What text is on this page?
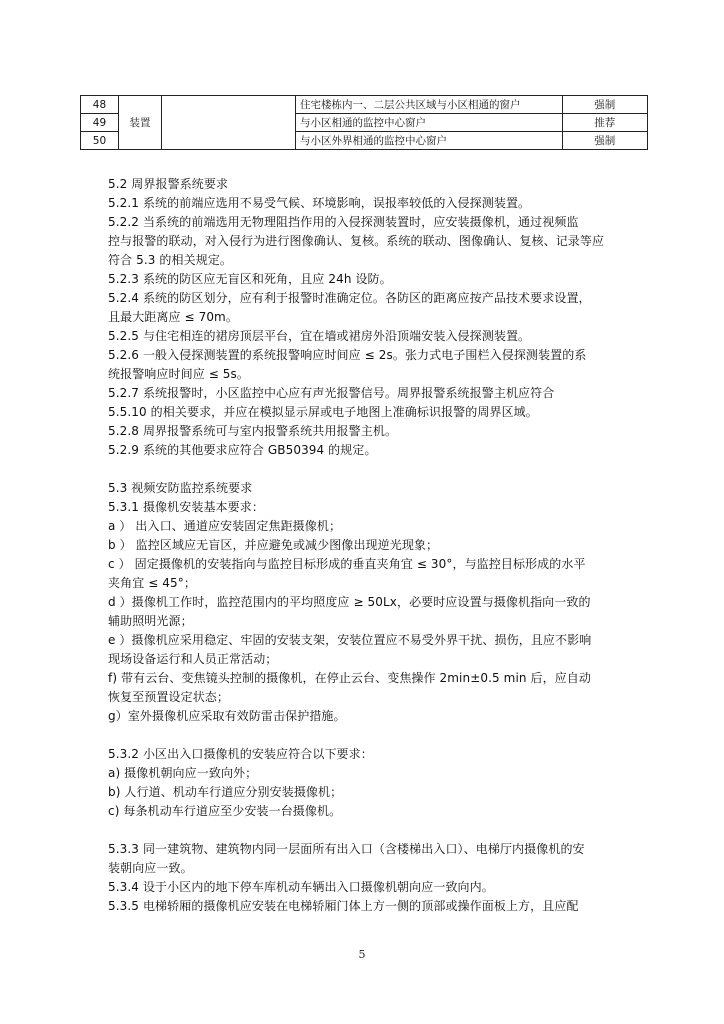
48	装置		住宅楼栋内一、二层公共区域与小区相通的窗户	强制
49			与小区相通的监控中心窗户	推荐
50			与小区外界相通的监控中心窗户	强制

5.2 周界报警系统要求

5.2.1 系统的前端应选用不易受气候、环境影响，误报率较低的入侵探测装置。

5.2.2 当系统的前端选用无物理阻挡作用的入侵探测装置时，应安装摄像机，通过视频监

控与报警的联动，对入侵行为进行图像确认、复核。系统的联动、图像确认、复核、记录等应

符合 5.3 的相关规定。

5.2.3 系统的防区应无盲区和死角，且应 24h 设防。

5.2.4 系统的防区划分，应有利于报警时准确定位。各防区的距离应按产品技术要求设置，

且最大距离应 ≤ 70m。

5.2.5 与住宅相连的裙房顶层平台，宜在墙或裙房外沿顶端安装入侵探测装置。

5.2.6 一般入侵探测装置的系统报警响应时间应 ≤ 2s。张力式电子围栏入侵探测装置的系

统报警响应时间应 ≤ 5s。

5.2.7 系统报警时，小区监控中心应有声光报警信号。周界报警系统报警主机应符合

5.5.10 的相关要求，并应在模拟显示屏或电子地图上准确标识报警的周界区域。

5.2.8 周界报警系统可与室内报警系统共用报警主机。

5.2.9 系统的其他要求应符合 GB50394 的规定。

5.3 视频安防监控系统要求

5.3.1 摄像机安装基本要求：

a ） 出入口、通道应安装固定焦距摄像机；

b ） 监控区域应无盲区，并应避免或减少图像出现逆光现象；

c ） 固定摄像机的安装指向与监控目标形成的垂直夹角宜 ≤ 30°，与监控目标形成的水平

夹角宜 ≤ 45°；

d ）摄像机工作时，监控范围内的平均照度应 ≥ 50Lx，必要时应设置与摄像机指向一致的

辅助照明光源；

e ）摄像机应采用稳定、牢固的安装支架，安装位置应不易受外界干扰、损伤，且应不影响

现场设备运行和人员正常活动；

f) 带有云台、变焦镜头控制的摄像机，在停止云台、变焦操作 2min±0.5 min 后，应自动

恢复至预置设定状态；

g）室外摄像机应采取有效防雷击保护措施。

5.3.2 小区出入口摄像机的安装应符合以下要求：

a) 摄像机朝向应一致向外；

b) 人行道、机动车行道应分别安装摄像机；

c) 每条机动车行道应至少安装一台摄像机。

5.3.3 同一建筑物、建筑物内同一层面所有出入口（含楼梯出入口）、电梯厅内摄像机的安

装朝向应一致。

5.3.4 设于小区内的地下停车库机动车辆出入口摄像机朝向应一致向内。

5.3.5 电梯轿厢的摄像机应安装在电梯轿厢门体上方一侧的顶部或操作面板上方，且应配

5
